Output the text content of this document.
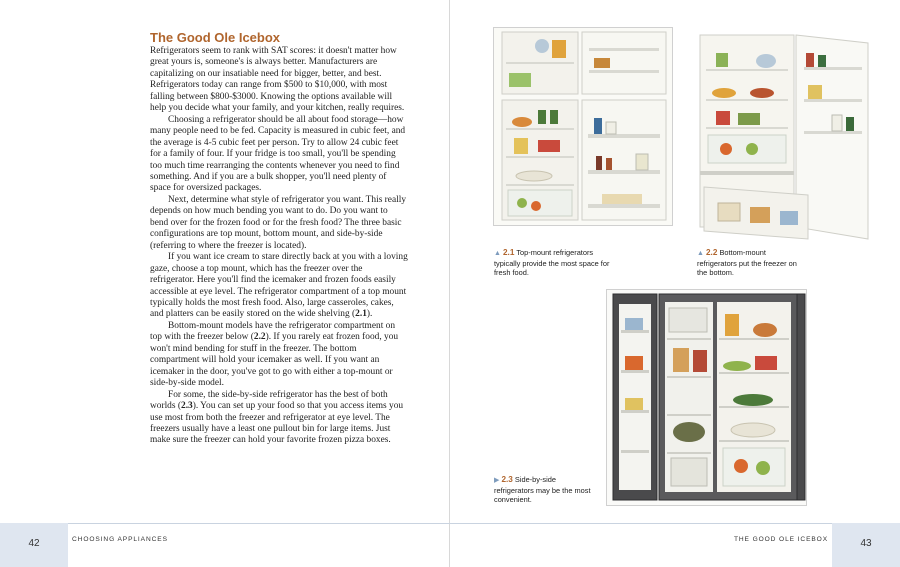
The Good Ole Icebox

Refrigerators seem to rank with SAT scores: it doesn't matter how great yours is, someone's is always better. Manufacturers are capitalizing on our insatiable need for bigger, better, and best. Refrigerators today can range from $500 to $10,000, with most falling between $800-$3000. Knowing the options available will help you decide what your family, and your kitchen, really requires.

Choosing a refrigerator should be all about food storage—how many people need to be fed. Capacity is measured in cubic feet, and the average is 4-5 cubic feet per person. Try to allow 24 cubic feet for a family of four. If your fridge is too small, you'll be spending too much time rearranging the contents whenever you need to find something. And if you are a bulk shopper, you'll need plenty of space for oversized packages.

Next, determine what style of refrigerator you want. This really depends on how much bending you want to do. Do you want to bend over for the frozen food or for the fresh food? The three basic configurations are top mount, bottom mount, and side-by-side (referring to where the freezer is located).

If you want ice cream to stare directly back at you with a loving gaze, choose a top mount, which has the freezer over the refrigerator. Here you'll find the icemaker and frozen foods easily accessible at eye level. The refrigerator compartment of a top mount typically holds the most fresh food. Also, large casseroles, cakes, and platters can be easily stored on the wide shelving (2.1).

Bottom-mount models have the refrigerator compartment on top with the freezer below (2.2). If you rarely eat frozen food, you won't mind bending for stuff in the freezer. The bottom compartment will hold your icemaker as well. If you want an icemaker in the door, you've got to go with either a top-mount or side-by-side model.

For some, the side-by-side refrigerator has the best of both worlds (2.3). You can set up your food so that you access items you use most from both the freezer and refrigerator at eye level. The freezers usually have a least one pullout bin for large items. Just make sure the freezer can hold your favorite frozen pizza boxes.

42	CHOOSING APPLIANCES
▲ 2.1 Top-mount refrigerators typically provide the most space for fresh food.
▲ 2.2 Bottom-mount refrigerators put the freezer on the bottom.
▶ 2.3 Side-by-side refrigerators may be the most convenient.
43
THE GOOD OLE ICEBOX
